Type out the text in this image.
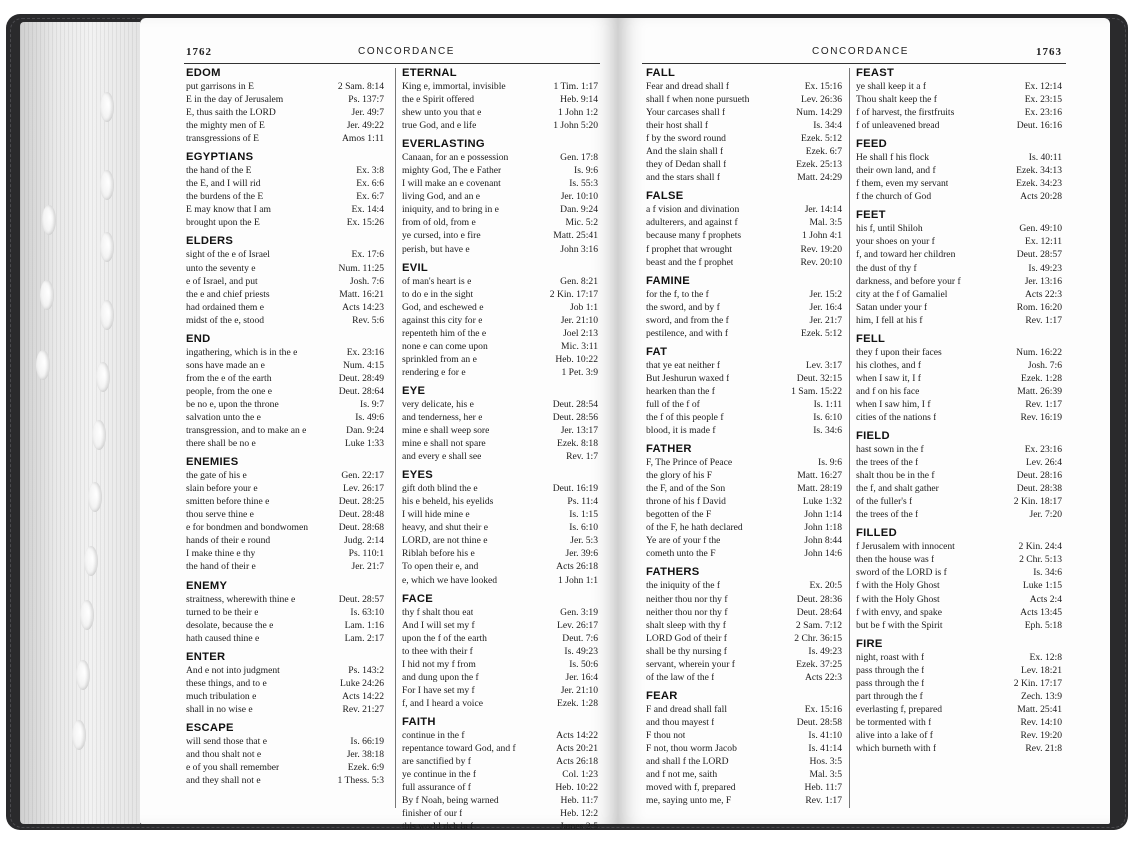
1762	CONCORDANCE
EDOM
put garrisons in E	2 Sam. 8:14
E in the day of Jerusalem	Ps. 137:7
E, thus saith the LORD	Jer. 49:7
the mighty men of E	Jer. 49:22
transgressions of E	Amos 1:11
EGYPTIANS
the hand of the E	Ex. 3:8
the E, and I will rid	Ex. 6:6
the burdens of the E	Ex. 6:7
E may know that I am	Ex. 14:4
brought upon the E	Ex. 15:26
ELDERS
sight of the e of Israel	Ex. 17:6
unto the seventy e	Num. 11:25
e of Israel, and put	Josh. 7:6
the e and chief priests	Matt. 16:21
had ordained them e	Acts 14:23
midst of the e, stood	Rev. 5:6
END
ingathering, which is in the e	Ex. 23:16
sons have made an e	Num. 4:15
from the e of the earth	Deut. 28:49
people, from the one e	Deut. 28:64
be no e, upon the throne	Is. 9:7
salvation unto the e	Is. 49:6
transgression, and to make an e	Dan. 9:24
there shall be no e	Luke 1:33
ENEMIES
the gate of his e	Gen. 22:17
slain before your e	Lev. 26:17
smitten before thine e	Deut. 28:25
thou serve thine e	Deut. 28:48
e for bondmen and bondwomen	Deut. 28:68
hands of their e round	Judg. 2:14
I make thine e thy	Ps. 110:1
the hand of their e	Jer. 21:7
ENEMY
straitness, wherewith thine e	Deut. 28:57
turned to be their e	Is. 63:10
desolate, because the e	Lam. 1:16
hath caused thine e	Lam. 2:17
ENTER
And e not into judgment	Ps. 143:2
these things, and to e	Luke 24:26
much tribulation e	Acts 14:22
shall in no wise e	Rev. 21:27
ESCAPE
will send those that e	Is. 66:19
and thou shalt not e	Jer. 38:18
e of you shall remember	Ezek. 6:9
and they shall not e	1 Thess. 5:3
ETERNAL
King e, immortal, invisible	1 Tim. 1:17
the e Spirit offered	Heb. 9:14
shew unto you that e	1 John 1:2
true God, and e life	1 John 5:20
EVERLASTING
Canaan, for an e possession	Gen. 17:8
mighty God, The e Father	Is. 9:6
I will make an e covenant	Is. 55:3
living God, and an e	Jer. 10:10
iniquity, and to bring in e	Dan. 9:24
from of old, from e	Mic. 5:2
ye cursed, into e fire	Matt. 25:41
perish, but have e	John 3:16
EVIL
of man's heart is e	Gen. 8:21
to do e in the sight	2 Kin. 17:17
God, and eschewed e	Job 1:1
against this city for e	Jer. 21:10
repenteth him of the e	Joel 2:13
none e can come upon	Mic. 3:11
sprinkled from an e	Heb. 10:22
rendering e for e	1 Pet. 3:9
EYE
very delicate, his e	Deut. 28:54
and tenderness, her e	Deut. 28:56
mine e shall weep sore	Jer. 13:17
mine e shall not spare	Ezek. 8:18
and every e shall see	Rev. 1:7
EYES
gift doth blind the e	Deut. 16:19
his e beheld, his eyelids	Ps. 11:4
I will hide mine e	Is. 1:15
heavy, and shut their e	Is. 6:10
LORD, are not thine e	Jer. 5:3
Riblah before his e	Jer. 39:6
To open their e, and	Acts 26:18
e, which we have looked	1 John 1:1
FACE
thy f shalt thou eat	Gen. 3:19
And I will set my f	Lev. 26:17
upon the f of the earth	Deut. 7:6
to thee with their f	Is. 49:23
I hid not my f from	Is. 50:6
and dung upon the f	Jer. 16:4
For I have set my f	Jer. 21:10
f, and I heard a voice	Ezek. 1:28
FAITH
continue in the f	Acts 14:22
repentance toward God, and f	Acts 20:21
are sanctified by f	Acts 26:18
ye continue in the f	Col. 1:23
full assurance of f	Heb. 10:22
By f Noah, being warned	Heb. 11:7
finisher of our f	Heb. 12:2
this world rich in f	James 2:5
CONCORDANCE	1763
FALL
Fear and dread shall f	Ex. 15:16
shall f when none pursueth	Lev. 26:36
Your carcases shall f	Num. 14:29
their host shall f	Is. 34:4
f by the sword round	Ezek. 5:12
And the slain shall f	Ezek. 6:7
they of Dedan shall f	Ezek. 25:13
and the stars shall f	Matt. 24:29
FALSE
a f vision and divination	Jer. 14:14
adulterers, and against f	Mal. 3:5
because many f prophets	1 John 4:1
f prophet that wrought	Rev. 19:20
beast and the f prophet	Rev. 20:10
FAMINE
for the f, to the f	Jer. 15:2
the sword, and by f	Jer. 16:4
sword, and from the f	Jer. 21:7
pestilence, and with f	Ezek. 5:12
FAT
that ye eat neither f	Lev. 3:17
But Jeshurun waxed f	Deut. 32:15
hearken than the f	1 Sam. 15:22
full of the f of	Is. 1:11
the f of this people f	Is. 6:10
blood, it is made f	Is. 34:6
FATHER
F, The Prince of Peace	Is. 9:6
the glory of his F	Matt. 16:27
the F, and of the Son	Matt. 28:19
throne of his f David	Luke 1:32
begotten of the F	John 1:14
of the F, he hath declared	John 1:18
Ye are of your f the	John 8:44
cometh unto the F	John 14:6
FATHERS
the iniquity of the f	Ex. 20:5
neither thou nor thy f	Deut. 28:36
neither thou nor thy f	Deut. 28:64
shalt sleep with thy f	2 Sam. 7:12
LORD God of their f	2 Chr. 36:15
shall be thy nursing f	Is. 49:23
servant, wherein your f	Ezek. 37:25
of the law of the f	Acts 22:3
FEAR
F and dread shall fall	Ex. 15:16
and thou mayest f	Deut. 28:58
F thou not	Is. 41:10
F not, thou worm Jacob	Is. 41:14
and shall f the LORD	Hos. 3:5
and f not me, saith	Mal. 3:5
moved with f, prepared	Heb. 11:7
me, saying unto me, F	Rev. 1:17
FEAST
ye shall keep it a f	Ex. 12:14
Thou shalt keep the f	Ex. 23:15
f of harvest, the firstfruits	Ex. 23:16
f of unleavened bread	Deut. 16:16
FEED
He shall f his flock	Is. 40:11
their own land, and f	Ezek. 34:13
f them, even my servant	Ezek. 34:23
f the church of God	Acts 20:28
FEET
his f, until Shiloh	Gen. 49:10
your shoes on your f	Ex. 12:11
f, and toward her children	Deut. 28:57
the dust of thy f	Is. 49:23
darkness, and before your f	Jer. 13:16
city at the f of Gamaliel	Acts 22:3
Satan under your f	Rom. 16:20
him, I fell at his f	Rev. 1:17
FELL
they f upon their faces	Num. 16:22
his clothes, and f	Josh. 7:6
when I saw it, I f	Ezek. 1:28
and f on his face	Matt. 26:39
when I saw him, I f	Rev. 1:17
cities of the nations f	Rev. 16:19
FIELD
hast sown in the f	Ex. 23:16
the trees of the f	Lev. 26:4
shalt thou be in the f	Deut. 28:16
the f, and shalt gather	Deut. 28:38
of the fuller's f	2 Kin. 18:17
the trees of the f	Jer. 7:20
FILLED
f Jerusalem with innocent	2 Kin. 24:4
then the house was f	2 Chr. 5:13
sword of the LORD is f	Is. 34:6
f with the Holy Ghost	Luke 1:15
f with the Holy Ghost	Acts 2:4
f with envy, and spake	Acts 13:45
but be f with the Spirit	Eph. 5:18
FIRE
night, roast with f	Ex. 12:8
pass through the f	Lev. 18:21
pass through the f	2 Kin. 17:17
part through the f	Zech. 13:9
everlasting f, prepared	Matt. 25:41
be tormented with f	Rev. 14:10
alive into a lake of f	Rev. 19:20
which burneth with f	Rev. 21:8
